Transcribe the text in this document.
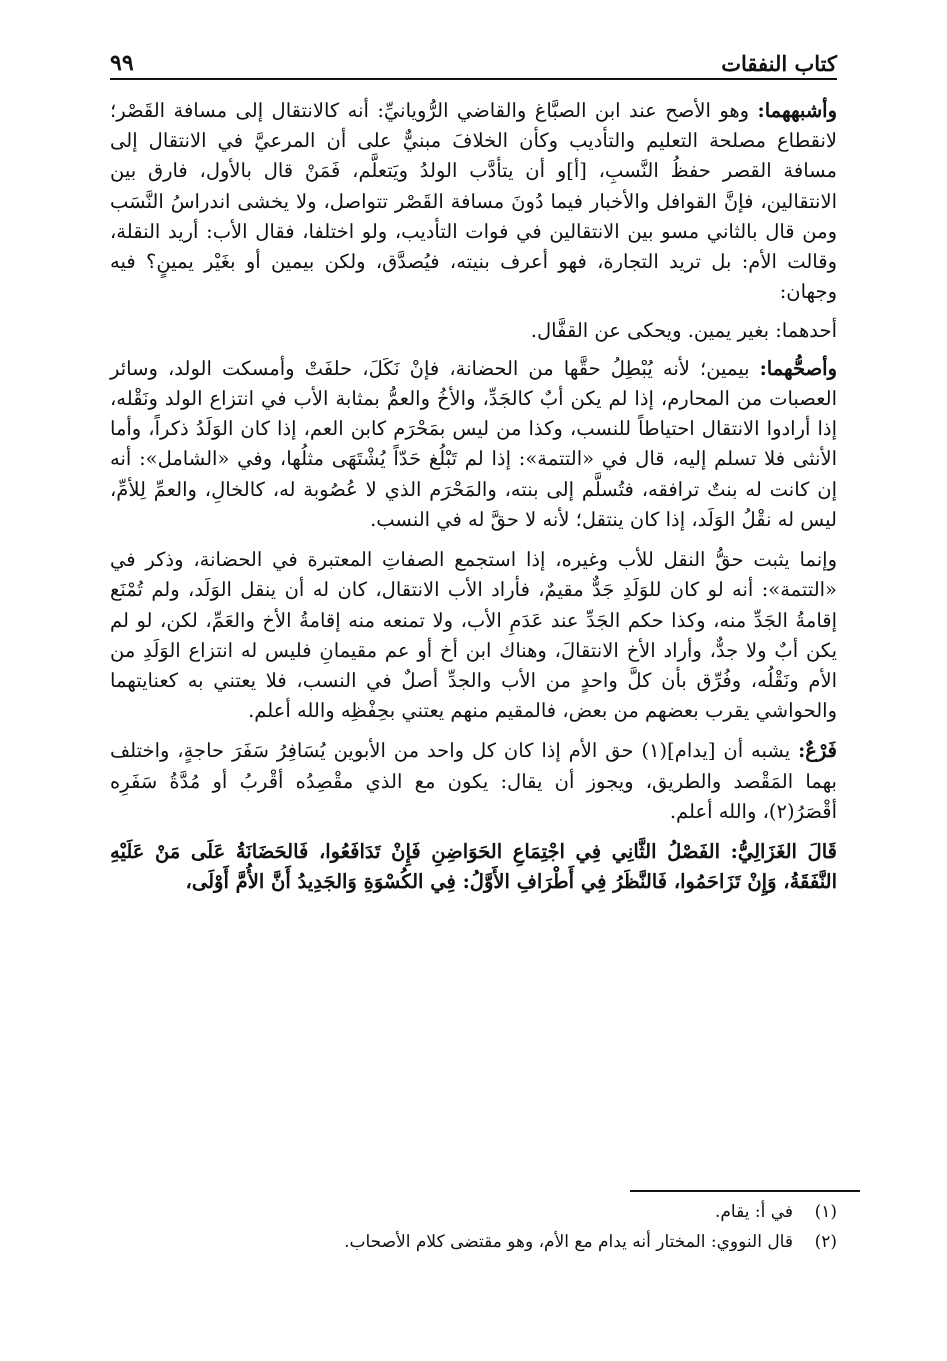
كتاب النفقات
٩٩

وأشبههما: وهو الأصح عند ابن الصبَّاغ والقاضي الرُّويانيِّ: أنه كالانتقال إلى مسافة القَصْر؛ لانقطاع مصلحة التعليم والتأديب وكأن الخلافَ مبنيٌّ على أن المرعيَّ في الانتقال إلى مسافة القصر حفظُ النَّسبِ، [أ]و أن يتأدَّب الولدُ ويَتعلَّم، فَمَنْ قال بالأول، فارق بين الانتقالين، فإنَّ القوافل والأخبار فيما دُونَ مسافة القَصْر تتواصل، ولا يخشى اندراسُ النَّسَب ومن قال بالثاني مسو بين الانتقالين في فوات التأديب، ولو اختلفا، فقال الأب: أريد النقلة، وقالت الأم: بل تريد التجارة، فهو أعرف بنيته، فيُصدَّق، ولكن بيمين أو بغَيْر يمينٍ؟ فيه وجهان:

أحدهما: بغير يمين. ويحكى عن القفَّال.

وأصحُّهما: بيمين؛ لأنه يُبْطِلُ حقَّها من الحضانة، فإنْ نَكَلَ، حلفَتْ وأمسكت الولد، وسائر العصبات من المحارم، إذا لم يكن أبٌ كالجَدِّ، والأخُ والعمُّ بمثابة الأب في انتزاع الولد ونَقْله، إذا أرادوا الانتقال احتياطاً للنسب، وكذا من ليس بمَحْرَم كابن العم، إذا كان الوَلَدُ ذكراً، وأما الأنثى فلا تسلم إليه، قال في «التتمة»: إذا لم تَبْلُغ حَدّاً يُشْتَهَى مثلُها، وفي «الشامل»: أنه إن كانت له بنتٌ ترافقه، فتُسلَّم إلى بنته، والمَحْرَم الذي لا عُصُوبة له، كالخالِ، والعمِّ لِلأمِّ، ليس له نقْلُ الوَلَد، إذا كان ينتقل؛ لأنه لا حقَّ له في النسب.

وإنما يثبت حقُّ النقل للأب وغيره، إذا استجمع الصفاتِ المعتبرة في الحضانة، وذكر في «التتمة»: أنه لو كان للوَلَدِ جَدٌّ مقيمٌ، فأراد الأب الانتقال، كان له أن ينقل الوَلَد، ولم تُمْنَع إقامةُ الجَدِّ منه، وكذا حكم الجَدِّ عند عَدَمِ الأب، ولا تمنعه منه إقامةُ الأخ والعَمِّ، لكن، لو لم يكن أبٌ ولا جدٌّ، وأراد الأخ الانتقالَ، وهناك ابن أخ أو عم مقيمانِ فليس له انتزاع الوَلَدِ من الأم ونَقْلُه، وفُرِّق بأن كلَّ واحدٍ من الأب والجدِّ أصلٌ في النسب، فلا يعتني به كعنايتهما والحواشي يقرب بعضهم من بعض، فالمقيم منهم يعتني بحِفْظِه والله أعلم.

فَرْعٌ: يشبه أن [يدام](١) حق الأم إذا كان كل واحد من الأبوين يُسَافِرُ سَفَرَ حاجةٍ، واختلف بهما المَقْصد والطريق، ويجوز أن يقال: يكون مع الذي مقْصِدُه أقْربُ أو مُدَّةُ سَفَرِه أقْصَرُ(٢)، والله أعلم.

قَالَ الغَزَالِيُّ: الفَصْلُ الثَّانِي فِي اجْتِمَاعِ الحَوَاضِنِ فَإِنْ تَدَافَعُوا، فَالحَضَانَةُ عَلَى مَنْ عَلَيْهِ النَّفَقَةُ، وَإِنْ تَزَاحَمُوا، فَالنَّظَرُ فِي أَطْرَافِ الأَوَّلُ: فِي الكُسْوَةِ وَالجَدِيدُ أَنَّ الأُمَّ أَوْلَى،

(١)
في أ: يقام.
(٢)
قال النووي: المختار أنه يدام مع الأم، وهو مقتضى كلام الأصحاب.
